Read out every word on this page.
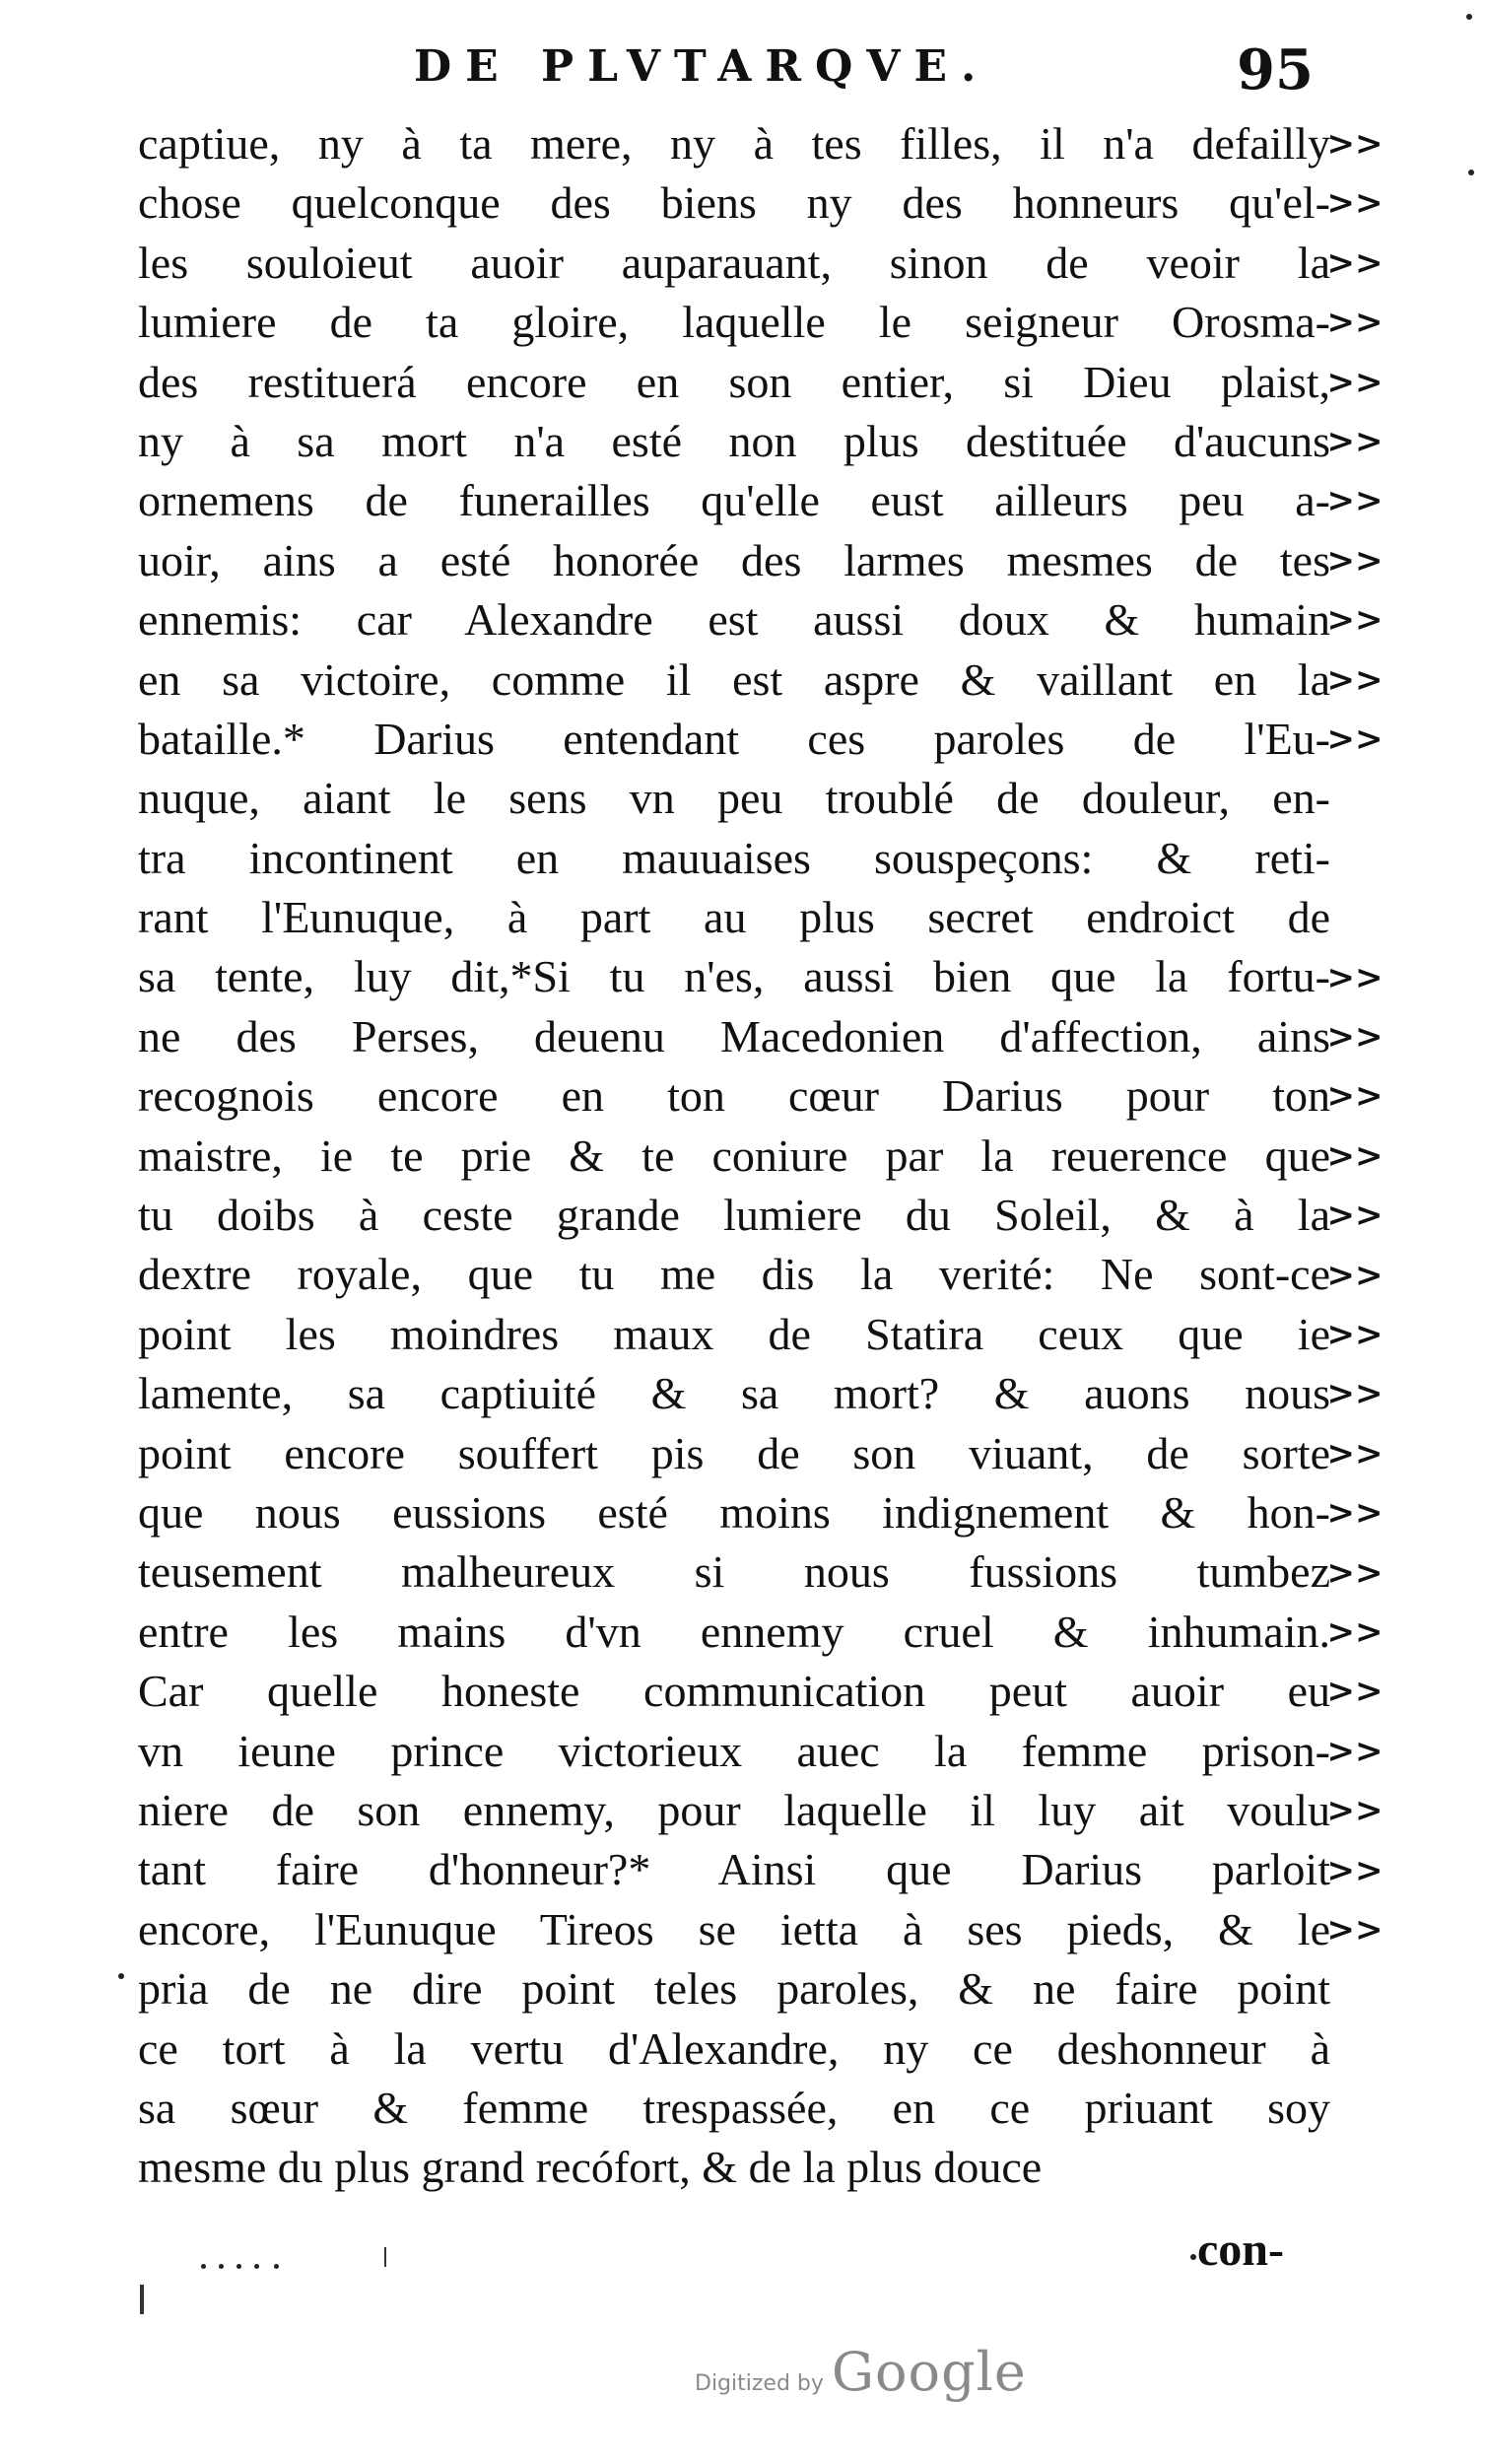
DE PLVTARQVE.	95
captiue, ny à ta mere, ny à tes filles, il n'a defailly
chose quelconque des biens ny des honneurs qu'el-
les souloieut auoir auparauant, sinon de veoir la
lumiere de ta gloire, laquelle le seigneur Orosma-
des restituerá encore en son entier, si Dieu plaist,
ny à sa mort n'a esté non plus destituée d'aucuns
ornemens de funerailles qu'elle eust ailleurs peu a-
uoir, ains a esté honorée des larmes mesmes de tes
ennemis: car Alexandre est aussi doux & humain
en sa victoire, comme il est aspre & vaillant en la
bataille.* Darius entendant ces paroles de l'Eu-
nuque, aiant le sens vn peu troublé de douleur, en-
tra incontinent en mauuaises souspeçons: & reti-
rant l'Eunuque, à part au plus secret endroict de
sa tente, luy dit,*Si tu n'es, aussi bien que la fortu-
ne des Perses, deuenu Macedonien d'affection, ains
recognois encore en ton cœur Darius pour ton
maistre, ie te prie & te coniure par la reuerence que
tu doibs à ceste grande lumiere du Soleil, & à la
dextre royale, que tu me dis la verité: Ne sont-ce
point les moindres maux de Statira ceux que ie
lamente, sa captiuité & sa mort? & auons nous
point encore souffert pis de son viuant, de sorte
que nous eussions esté moins indignement & hon-
teusement malheureux si nous fussions tumbez
entre les mains d'vn ennemy cruel & inhumain.
Car quelle honeste communication peut auoir eu
vn ieune prince victorieux auec la femme prison-
niere de son ennemy, pour laquelle il luy ait voulu
tant faire d'honneur?* Ainsi que Darius parloit
encore, l'Eunuque Tireos se ietta à ses pieds, & le
pria de ne dire point teles paroles, & ne faire point
ce tort à la vertu d'Alexandre, ny ce deshonneur à
sa sœur & femme trespassée, en ce priuant soy
mesme du plus grand recófort, & de la plus douce
>>
>>
>>
>>
>>
>>
>>
>>
>>
>>
>>
>>
>>
>>
>>
>>
>>
>>
>>
>>
>>
>>
>>
>>
>>
>>
>>
>>
con-
Digitized by Google
